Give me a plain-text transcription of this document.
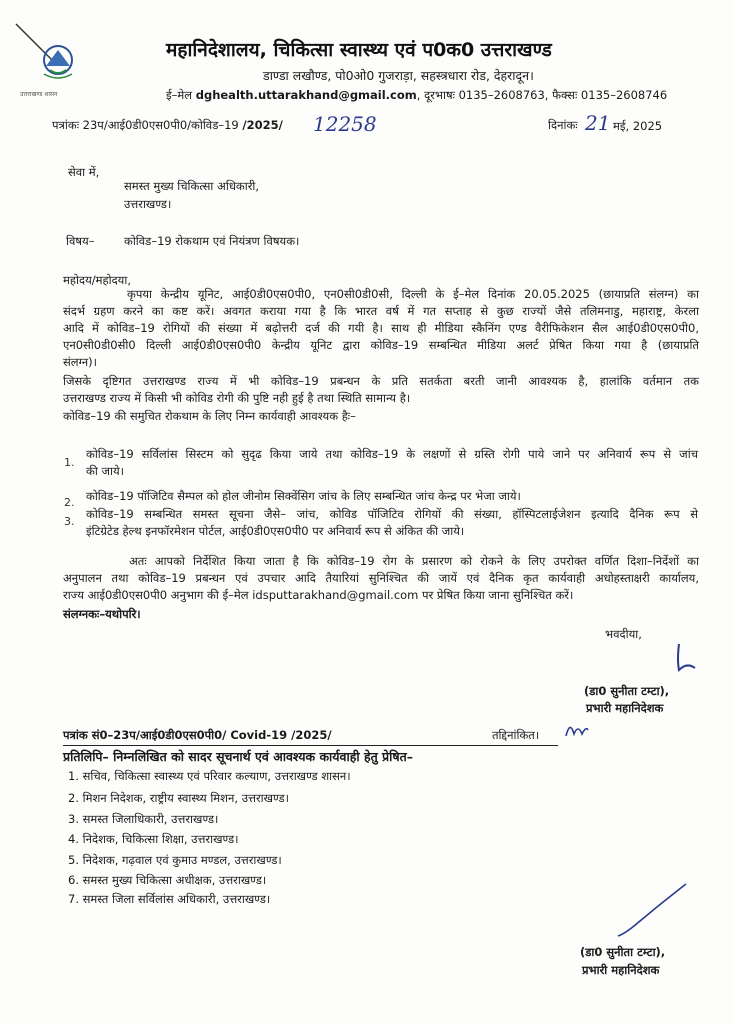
उत्तराखण्ड शासन
महानिदेशालय, चिकित्सा स्वास्थ्य एवं प0क0 उत्तराखण्ड
डाण्डा लखौण्ड, पो0ओ0 गुजराड़ा, सहस्त्रधारा रोड, देहरादून।
ई–मेल dghealth.uttarakhand@gmail.com, दूरभाषः 0135–2608763, फैक्सः 0135–2608746
पत्रांकः 23प/आई0डी0एस0पी0/कोविड–19 /2025/ 12258	दिनांकः 21 मई, 2025
सेवा में,
समस्त मुख्य चिकित्सा अधिकारी,
उत्तराखण्ड।
विषय–	कोविड–19 रोकथाम एवं नियंत्रण विषयक।
महोदय/महोदया,
कृपया केन्द्रीय यूनिट, आई0डी0एस0पी0, एन0सी0डी0सी, दिल्ली के ई–मेल दिनांक 20.05.2025 (छायाप्रति संलग्न) का
संदर्भ ग्रहण करने का कष्ट करें। अवगत कराया गया है कि भारत वर्ष में गत सप्ताह से कुछ राज्यों जैसे तलिमनाडु, महाराष्ट्र, केरला
आदि में कोविड–19 रोगियों की संख्या में बढ़ोत्तरी दर्ज की गयी है। साथ ही मीडिया स्कैनिंग एण्ड वैरीफिकेशन सैल आई0डी0एस0पी0,
एन0सी0डी0सी0 दिल्ली आई0डी0एस0पी0 केन्द्रीय यूनिट द्वारा कोविड–19 सम्बन्धित मीडिया अलर्ट प्रेषित किया गया है (छायाप्रति
संलग्न)।
जिसके दृष्टिगत उत्तराखण्ड राज्य में भी कोविड–19 प्रबन्धन के प्रति सतर्कता बरती जानी आवश्यक है, हालांकि वर्तमान तक
उत्तराखण्ड राज्य में किसी भी कोविड रोगी की पुष्टि नही हुई है तथा स्थिति सामान्य है।
कोविड–19 की समुचित रोकथाम के लिए निम्न कार्यवाही आवश्यक हैः–
1.
कोविड–19 सर्विलांस सिस्टम को सुदृढ किया जाये तथा कोविड–19 के लक्षणों से ग्रस्ति रोगी पाये जाने पर अनिवार्य रूप से जांच
की जाये।
2. कोविड–19 पॉजिटिव सैम्पल को होल जीनोम सिक्वेंसिग जांच के लिए सम्बन्धित जांच केन्द्र पर भेजा जाये।
3.
कोविड–19 सम्बन्धित समस्त सूचना जैसे– जांच, कोविड पॉजिटिव रोगियों की संख्या, हॉस्पिटलाईजेशन इत्यादि दैनिक रूप से
इंटिग्रेटेड हेल्थ इनफॉरमेशन पोर्टल, आई0डी0एस0पी0 पर अनिवार्य रूप से अंकित की जाये।
अतः आपको निर्देशित किया जाता है कि कोविड–19 रोग के प्रसारण को रोकने के लिए उपरोक्त वर्णित दिशा–निर्देशों का
अनुपालन तथा कोविड–19 प्रबन्धन एवं उपचार आदि तैयारियां सुनिश्चित की जायें एवं दैनिक कृत कार्यवाही अधोहस्ताक्षरी कार्यालय,
राज्य आई0डी0एस0पी0 अनुभाग की ई–मेल idsputtarakhand@gmail.com पर प्रेषित किया जाना सुनिश्चित करें।
संलग्नकः–यथोपरि।
भवदीया,
(डा0 सुनीता टम्टा),
प्रभारी महानिदेशक
पत्रांक सं0–23प/आई0डी0एस0पी0/ Covid-19 /2025/	तद्दिनांकित।
प्रतिलिपि– निम्नलिखित को सादर सूचनार्थ एवं आवश्यक कार्यवाही हेतु प्रेषित–
1. सचिव, चिकित्सा स्वास्थ्य एवं परिवार कल्याण, उत्तराखण्ड शासन।
2. मिशन निदेशक, राष्ट्रीय स्वास्थ्य मिशन, उत्तराखण्ड।
3. समस्त जिलाधिकारी, उत्तराखण्ड।
4. निदेशक, चिकित्सा शिक्षा, उत्तराखण्ड।
5. निदेशक, गढ़वाल एवं कुमाउ मण्डल, उत्तराखण्ड।
6. समस्त मुख्य चिकित्सा अधीक्षक, उत्तराखण्ड।
7. समस्त जिला सर्विलांस अधिकारी, उत्तराखण्ड।
(डा0 सुनीता टम्टा),
प्रभारी महानिदेशक
